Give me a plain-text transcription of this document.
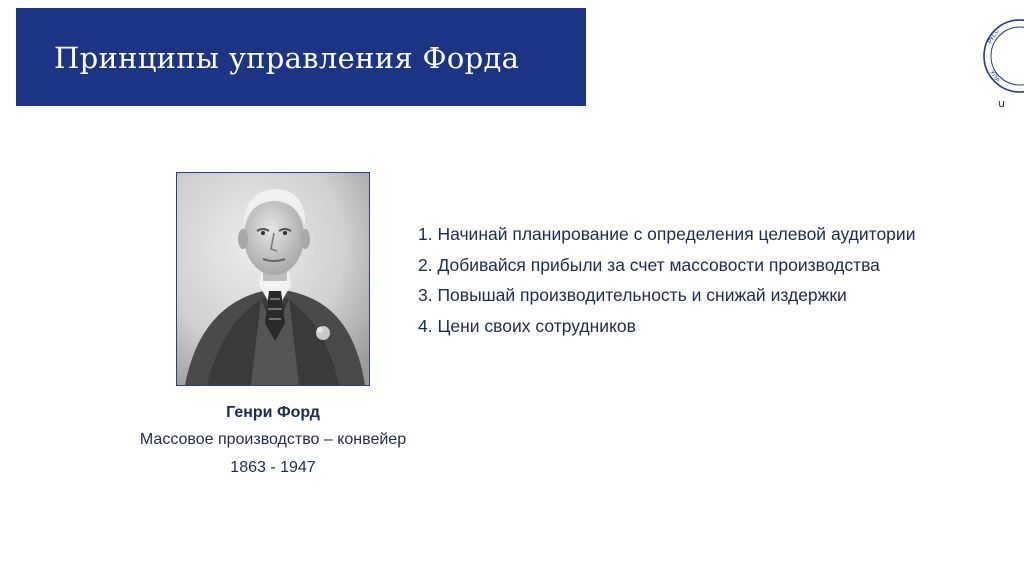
Принципы управления Форда
РУСС
УПР
u
Генри Форд
Массовое производство – конвейер
1863 - 1947
1. Начинай планирование с определения целевой аудитории
2. Добивайся прибыли за счет массовости производства
3. Повышай производительность и снижай издержки
4. Цени своих сотрудников
